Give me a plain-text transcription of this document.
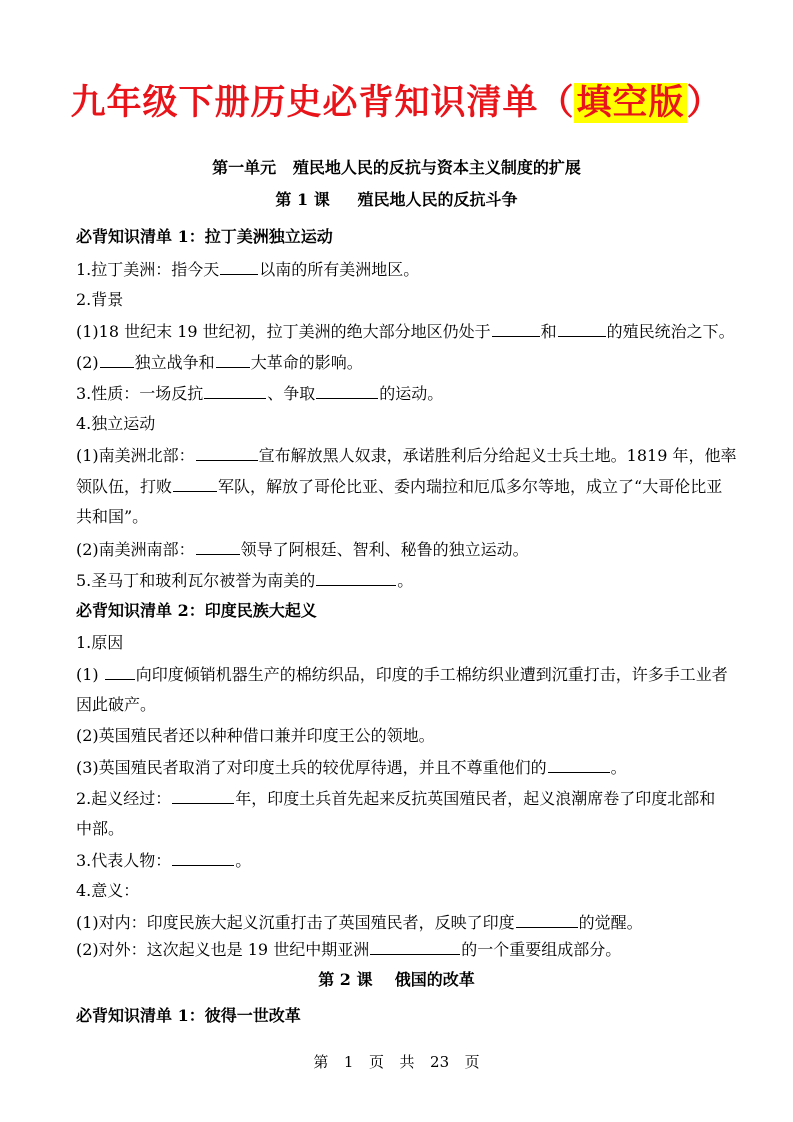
九年级下册历史必背知识清单（填空版）
第一单元   殖民地人民的反抗与资本主义制度的扩展
第 1 课     殖民地人民的反抗斗争
必背知识清单 1：拉丁美洲独立运动
1.拉丁美洲：指今天	以南的所有美洲地区。
2.背景
(1)18 世纪末 19 世纪初，拉丁美洲的绝大部分地区仍处于	和	的殖民统治之下。
(2) 独立战争和 大革命的影响。
3.性质：一场反抗	、争取	的运动。
4.独立运动
(1)南美洲北部：	宣布解放黑人奴隶，承诺胜利后分给起义士兵土地。1819 年，他率
领队伍，打败	军队，解放了哥伦比亚、委内瑞拉和厄瓜多尔等地，成立了“大哥伦比亚
共和国”。
(2)南美洲南部：	领导了阿根廷、智利、秘鲁的独立运动。
5.圣马丁和玻利瓦尔被誉为南美的	。
必背知识清单 2：印度民族大起义
1.原因
(1) 向印度倾销机器生产的棉纺织品，印度的手工棉纺织业遭到沉重打击，许多手工业者
因此破产。
(2)英国殖民者还以种种借口兼并印度王公的领地。
(3)英国殖民者取消了对印度土兵的较优厚待遇，并且不尊重他们的	。
2.起义经过：	年，印度土兵首先起来反抗英国殖民者，起义浪潮席卷了印度北部和
中部。
3.代表人物：	。
4.意义：
(1)对内：印度民族大起义沉重打击了英国殖民者，反映了印度	的觉醒。
(2)对外：这次起义也是 19 世纪中期亚洲	的一个重要组成部分。
第 2 课    俄国的改革
必背知识清单 1：彼得一世改革
第  1  页  共  23  页
